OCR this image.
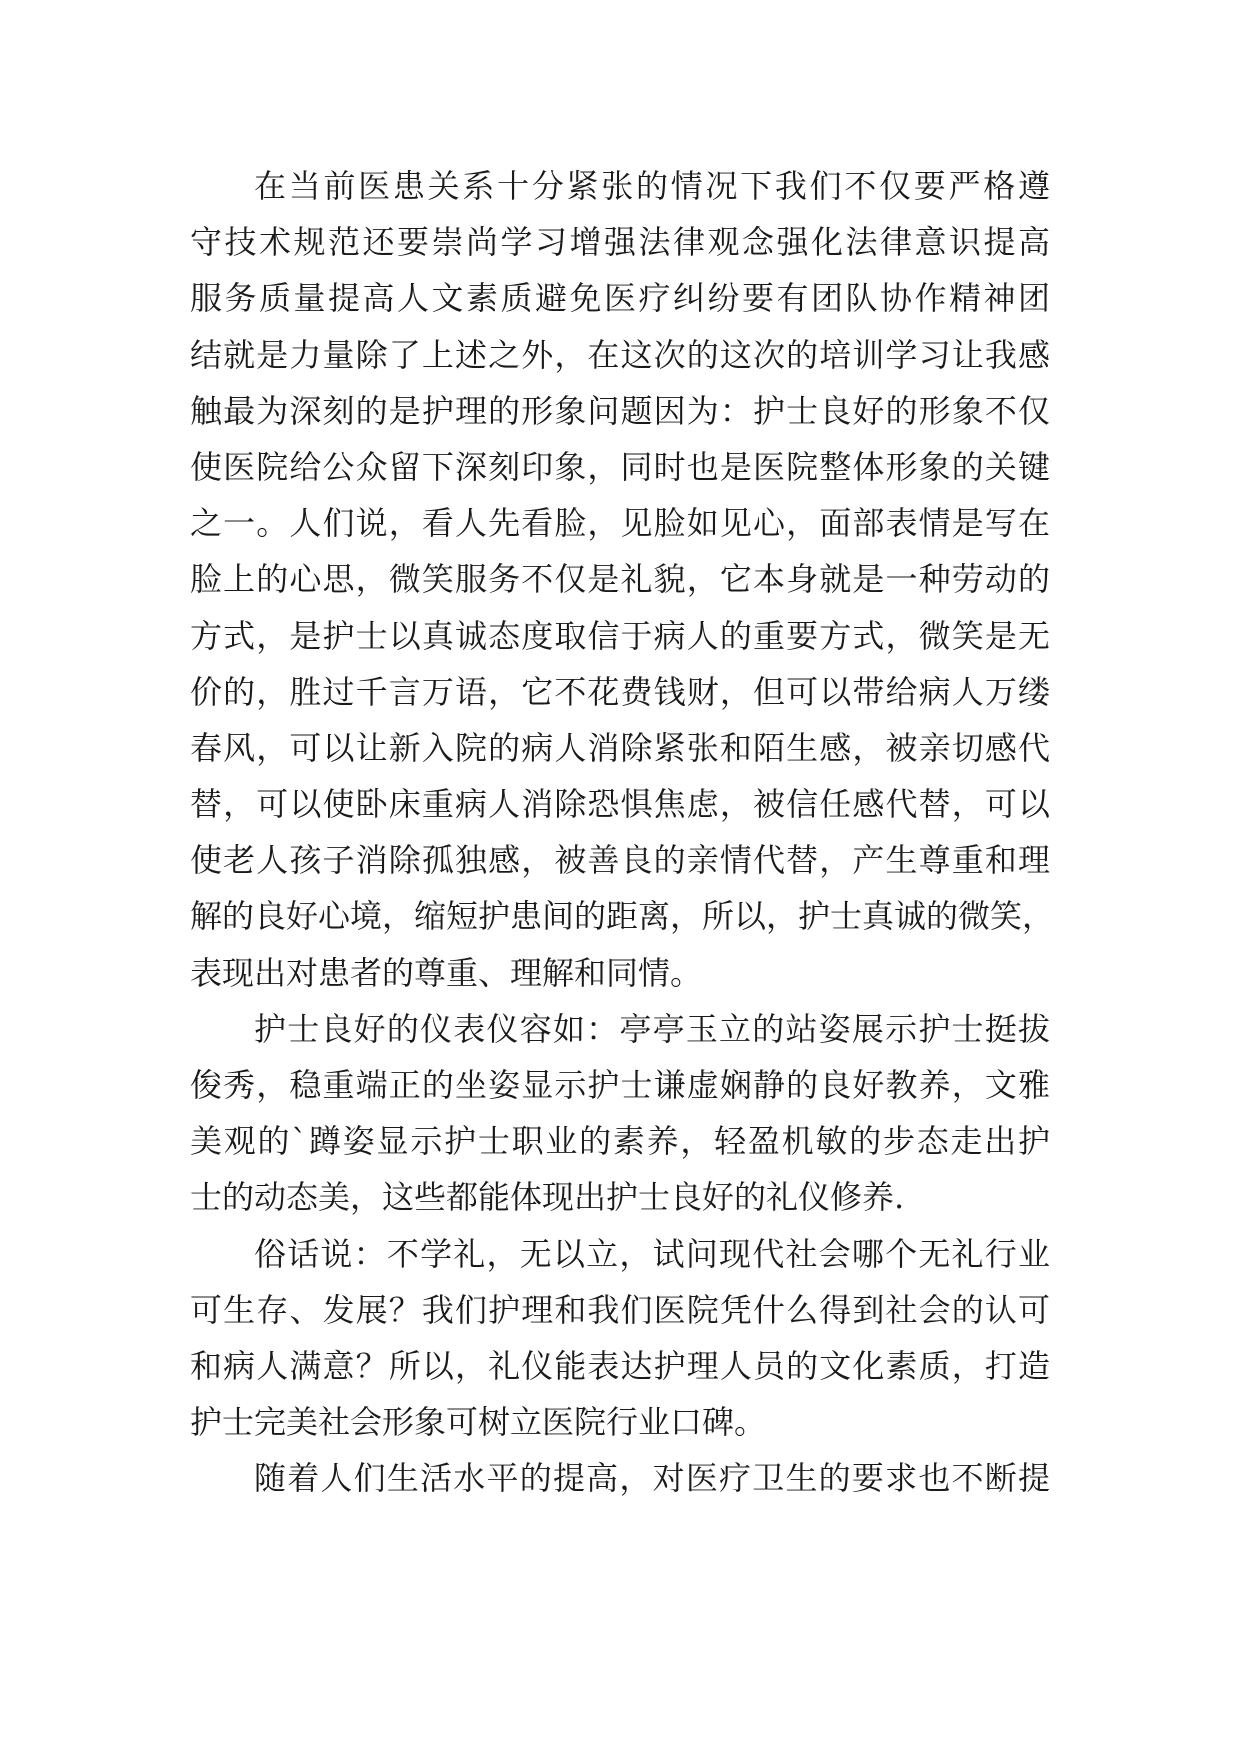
在当前医患关系十分紧张的情况下我们不仅要严格遵
守技术规范还要崇尚学习增强法律观念强化法律意识提高
服务质量提高人文素质避免医疗纠纷要有团队协作精神团
结就是力量除了上述之外，在这次的这次的培训学习让我感
触最为深刻的是护理的形象问题因为：护士良好的形象不仅
使医院给公众留下深刻印象，同时也是医院整体形象的关键
之一。人们说，看人先看脸，见脸如见心，面部表情是写在
脸上的心思，微笑服务不仅是礼貌，它本身就是一种劳动的
方式，是护士以真诚态度取信于病人的重要方式，微笑是无
价的，胜过千言万语，它不花费钱财，但可以带给病人万缕
春风，可以让新入院的病人消除紧张和陌生感，被亲切感代
替，可以使卧床重病人消除恐惧焦虑，被信任感代替，可以
使老人孩子消除孤独感，被善良的亲情代替，产生尊重和理
解的良好心境，缩短护患间的距离，所以，护士真诚的微笑，
表现出对患者的尊重、理解和同情。
护士良好的仪表仪容如：亭亭玉立的站姿展示护士挺拔
俊秀，稳重端正的坐姿显示护士谦虚娴静的良好教养，文雅
美观的`蹲姿显示护士职业的素养，轻盈机敏的步态走出护
士的动态美，这些都能体现出护士良好的礼仪修养.
俗话说：不学礼，无以立，试问现代社会哪个无礼行业
可生存、发展？我们护理和我们医院凭什么得到社会的认可
和病人满意？所以，礼仪能表达护理人员的文化素质，打造
护士完美社会形象可树立医院行业口碑。
随着人们生活水平的提高，对医疗卫生的要求也不断提
